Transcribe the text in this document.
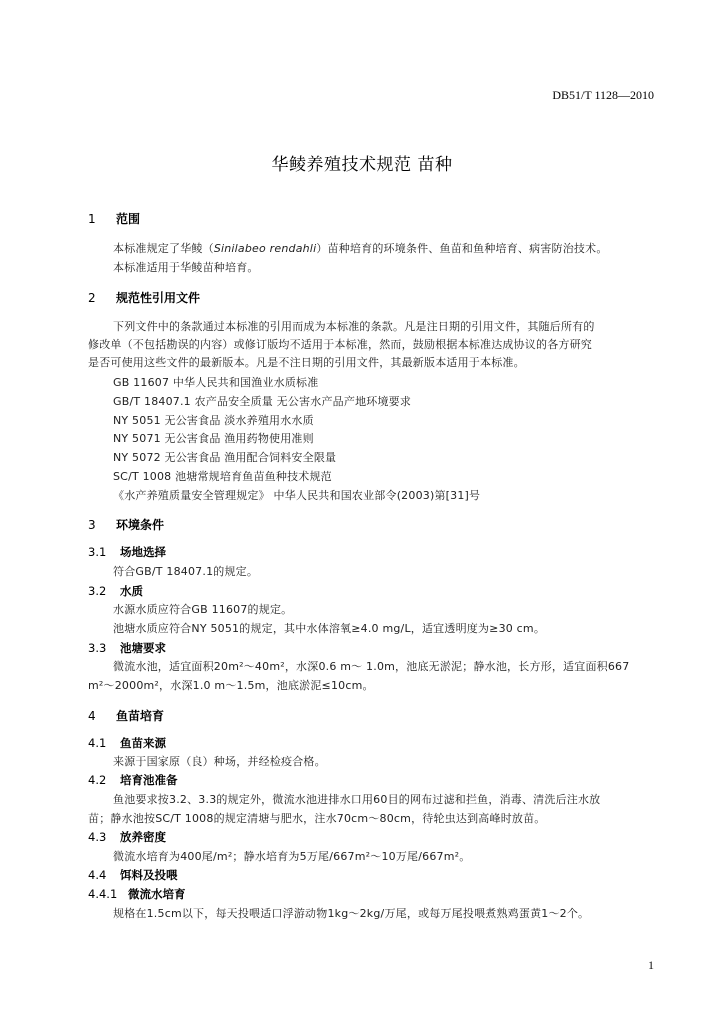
DB51/T 1128—2010
华鲮养殖技术规范 苗种
1 范围
本标准规定了华鲮（Sinilabeo rendahli）苗种培育的环境条件、鱼苗和鱼种培育、病害防治技术。
本标准适用于华鲮苗种培育。
2 规范性引用文件
下列文件中的条款通过本标准的引用而成为本标准的条款。凡是注日期的引用文件，其随后所有的
修改单（不包括勘误的内容）或修订版均不适用于本标准，然而，鼓励根据本标准达成协议的各方研究
是否可使用这些文件的最新版本。凡是不注日期的引用文件，其最新版本适用于本标准。
GB 11607 中华人民共和国渔业水质标准
GB/T 18407.1 农产品安全质量 无公害水产品产地环境要求
NY 5051 无公害食品 淡水养殖用水水质
NY 5071 无公害食品 渔用药物使用准则
NY 5072 无公害食品 渔用配合饲料安全限量
SC/T 1008 池塘常规培育鱼苗鱼种技术规范
《水产养殖质量安全管理规定》 中华人民共和国农业部令(2003)第[31]号
3 环境条件
3.1 场地选择
符合GB/T 18407.1的规定。
3.2 水质
水源水质应符合GB 11607的规定。
池塘水质应符合NY 5051的规定，其中水体溶氧≥4.0 mg/L，适宜透明度为≥30 cm。
3.3 池塘要求
微流水池，适宜面积20m²～40m²，水深0.6 m～ 1.0m，池底无淤泥；静水池，长方形，适宜面积667
m²～2000m²，水深1.0 m～1.5m，池底淤泥≤10cm。
4 鱼苗培育
4.1 鱼苗来源
来源于国家原（良）种场，并经检疫合格。
4.2 培育池准备
鱼池要求按3.2、3.3的规定外，微流水池进排水口用60目的网布过滤和拦鱼，消毒、清洗后注水放
苗；静水池按SC/T 1008的规定清塘与肥水，注水70cm～80cm，待轮虫达到高峰时放苗。
4.3 放养密度
微流水培育为400尾/m²；静水培育为5万尾/667m²～10万尾/667m²。
4.4 饵料及投喂
4.4.1 微流水培育
规格在1.5cm以下，每天投喂适口浮游动物1kg～2kg/万尾，或每万尾投喂煮熟鸡蛋黄1～2个。
1
